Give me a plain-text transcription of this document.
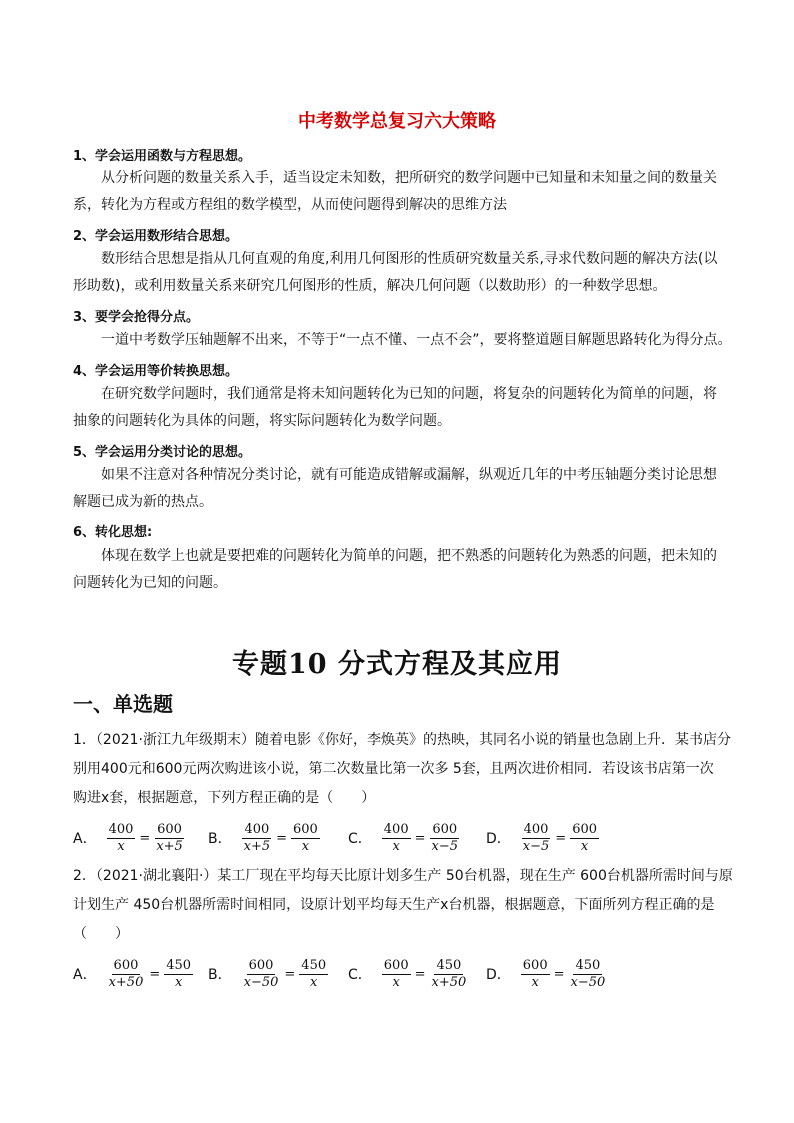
中考数学总复习六大策略
1、学会运用函数与方程思想。
从分析问题的数量关系入手，适当设定未知数，把所研究的数学问题中已知量和未知量之间的数量关
系，转化为方程或方程组的数学模型，从而使问题得到解决的思维方法
2、学会运用数形结合思想。
数形结合思想是指从几何直观的角度,利用几何图形的性质研究数量关系,寻求代数问题的解决方法(以
形助数)，或利用数量关系来研究几何图形的性质，解决几何问题（以数助形）的一种数学思想。
3、要学会抢得分点。
一道中考数学压轴题解不出来，不等于“一点不懂、一点不会”，要将整道题目解题思路转化为得分点。
4、学会运用等价转换思想。
在研究数学问题时，我们通常是将未知问题转化为已知的问题，将复杂的问题转化为简单的问题，将
抽象的问题转化为具体的问题，将实际问题转化为数学问题。
5、学会运用分类讨论的思想。
如果不注意对各种情况分类讨论，就有可能造成错解或漏解，纵观近几年的中考压轴题分类讨论思想
解题已成为新的热点。
6、转化思想:
体现在数学上也就是要把难的问题转化为简单的问题，把不熟悉的问题转化为熟悉的问题，把未知的
问题转化为已知的问题。
专题10 分式方程及其应用
一、单选题
1．（2021·浙江九年级期末）随着电影《你好，李焕英》的热映，其同名小说的销量也急剧上升．某书店分
别用400元和600元两次购进该小说，第二次数量比第一次多 5套，且两次进价相同．若设该书店第一次
购进x套，根据题意，下列方程正确的是（　　）
A． $\frac{400}{x} = \frac{600}{x+5}$ B． $\frac{400}{x+5} = \frac{600}{x}$ C． $\frac{400}{x} = \frac{600}{x-5}$ D． $\frac{400}{x-5} = \frac{600}{x}$
2．（2021·湖北襄阳·）某工厂现在平均每天比原计划多生产 50台机器，现在生产 600台机器所需时间与原
计划生产 450台机器所需时间相同，设原计划平均每天生产x台机器，根据题意，下面所列方程正确的是
（　　）
A． $\frac{600}{x+50} = \frac{450}{x}$ B． $\frac{600}{x-50} = \frac{450}{x}$ C． $\frac{600}{x} = \frac{450}{x+50}$ D． $\frac{600}{x} = \frac{450}{x-50}$
